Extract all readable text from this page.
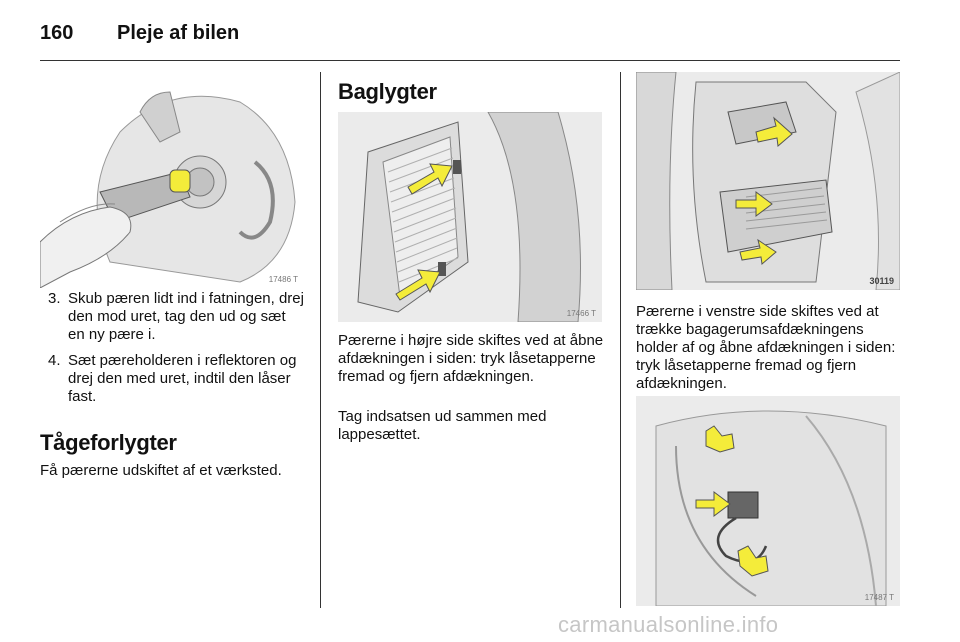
160 Pleje af bilen
17486 T
3. Skub pæren lidt ind i fatningen, drej den mod uret, tag den ud og sæt en ny pære i.
4. Sæt pæreholderen i reflektoren og drej den med uret, indtil den låser fast.
Tågeforlygter

Få pærerne udskiftet af et værksted.

Baglygter
17466 T

Pærerne i højre side skiftes ved at åbne afdækningen i siden: tryk låsetapperne fremad og fjern afdækningen.

Tag indsatsen ud sammen med lappesættet.

30119

Pærerne i venstre side skiftes ved at trække bagagerumsafdækningens holder af og åbne afdækningen i siden: tryk låsetapperne fremad og fjern afdækningen.

17487 T
carmanualsonline.info
